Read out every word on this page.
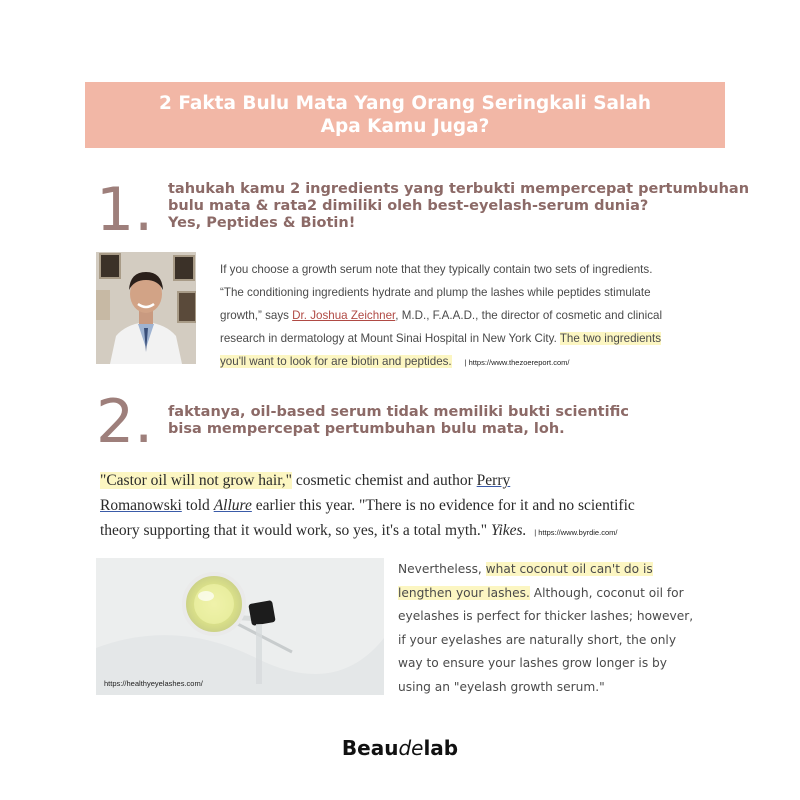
2 Fakta Bulu Mata Yang Orang Seringkali Salah
Apa Kamu Juga?
1. tahukah kamu 2 ingredients yang terbukti mempercepat pertumbuhan
bulu mata & rata2 dimiliki oleh best-eyelash-serum dunia?
Yes, Peptides & Biotin!
If you choose a growth serum note that they typically contain two sets of ingredients.
“The conditioning ingredients hydrate and plump the lashes while peptides stimulate
growth,” says Dr. Joshua Zeichner, M.D., F.A.A.D., the director of cosmetic and clinical
research in dermatology at Mount Sinai Hospital in New York City. The two ingredients
you'll want to look for are biotin and peptides. | https://www.thezoereport.com/
2. faktanya, oil-based serum tidak memiliki bukti scientific
bisa mempercepat pertumbuhan bulu mata, loh.
"Castor oil will not grow hair," cosmetic chemist and author Perry
Romanowski told Allure earlier this year. "There is no evidence for it and no scientific
theory supporting that it would work, so yes, it's a total myth." Yikes. | https://www.byrdie.com/
https://healthyeyelashes.com/
Nevertheless, what coconut oil can't do is
lengthen your lashes. Although, coconut oil for
eyelashes is perfect for thicker lashes; however,
if your eyelashes are naturally short, the only
way to ensure your lashes grow longer is by
using an "eyelash growth serum."
Beaudelab
